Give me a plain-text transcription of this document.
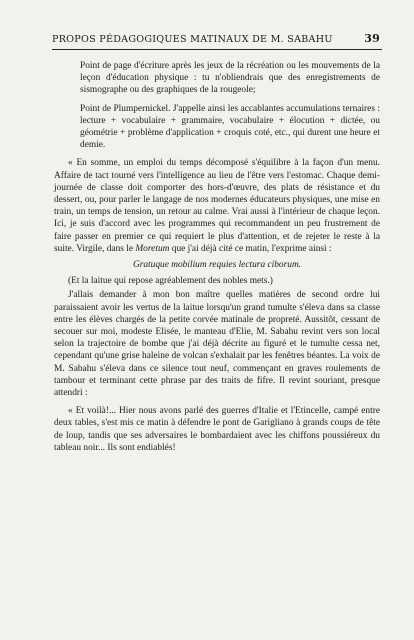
PROPOS PÉDAGOGIQUES MATINAUX DE M. SABAHU	39

Point de page d'écriture après les jeux de la récréation ou les mouvements de la leçon d'éducation physique : tu n'obliendrais que des enregistrements de sismographe ou des graphiques de la rougeole;

Point de Plumpernickel. J'appelle ainsi les accablantes accumulations ternaires : lecture + vocabulaire + grammaire, vocabulaire + élocution + dictée, ou géométrie + problème d'application + croquis coté, etc., qui durent une heure et demie.

« En somme, un emploi du temps décomposé s'équilibre à la façon d'un menu. Affaire de tact tourné vers l'intelligence au lieu de l'être vers l'estomac. Chaque demi-journée de classe doit comporter des hors-d'œuvre, des plats de résistance et du dessert, ou, pour parler le langage de nos modernes éducateurs physiques, une mise en train, un temps de tension, un retour au calme. Vrai aussi à l'intérieur de chaque leçon. Ici, je suis d'accord avec les programmes qui recommandent un peu frustrement de faire passer en premier ce qui requiert le plus d'attention, et de rejeter le reste à la suite. Virgile, dans le Moretum que j'ai déjà cité ce matin, l'exprime ainsi :

Gratuque mobilium requies lectura ciborum.

(Et la laitue qui repose agréablement des nobles mets.)

J'allais demander à mon bon maître quelles matières de second ordre lui paraissaient avoir les vertus de la laitue lorsqu'un grand tumulte s'éleva dans sa classe entre les élèves chargés de la petite corvée matinale de propreté. Aussitôt, cessant de secouer sur moi, modeste Elisée, le manteau d'Elie, M. Sabahu revint vers son local selon la trajectoire de bombe que j'ai déjà décrite au figuré et le tumulte cessa net, cependant qu'une grise haleine de volcan s'exhalait par les fenêtres béantes. La voix de M. Sabahu s'éleva dans ce silence tout neuf, commençant en graves roulements de tambour et terminant cette phrase par des traits de fifre. Il revint souriant, presque attendri :

« Et voilà!... Hier nous avons parlé des guerres d'Italie et l'Etincelle, campé entre deux tables, s'est mis ce matin à défendre le pont de Garigliano à grands coups de tête de loup, tandis que ses adversaires le bombardaient avec les chiffons poussiéreux du tableau noir... Ils sont endiablés!
